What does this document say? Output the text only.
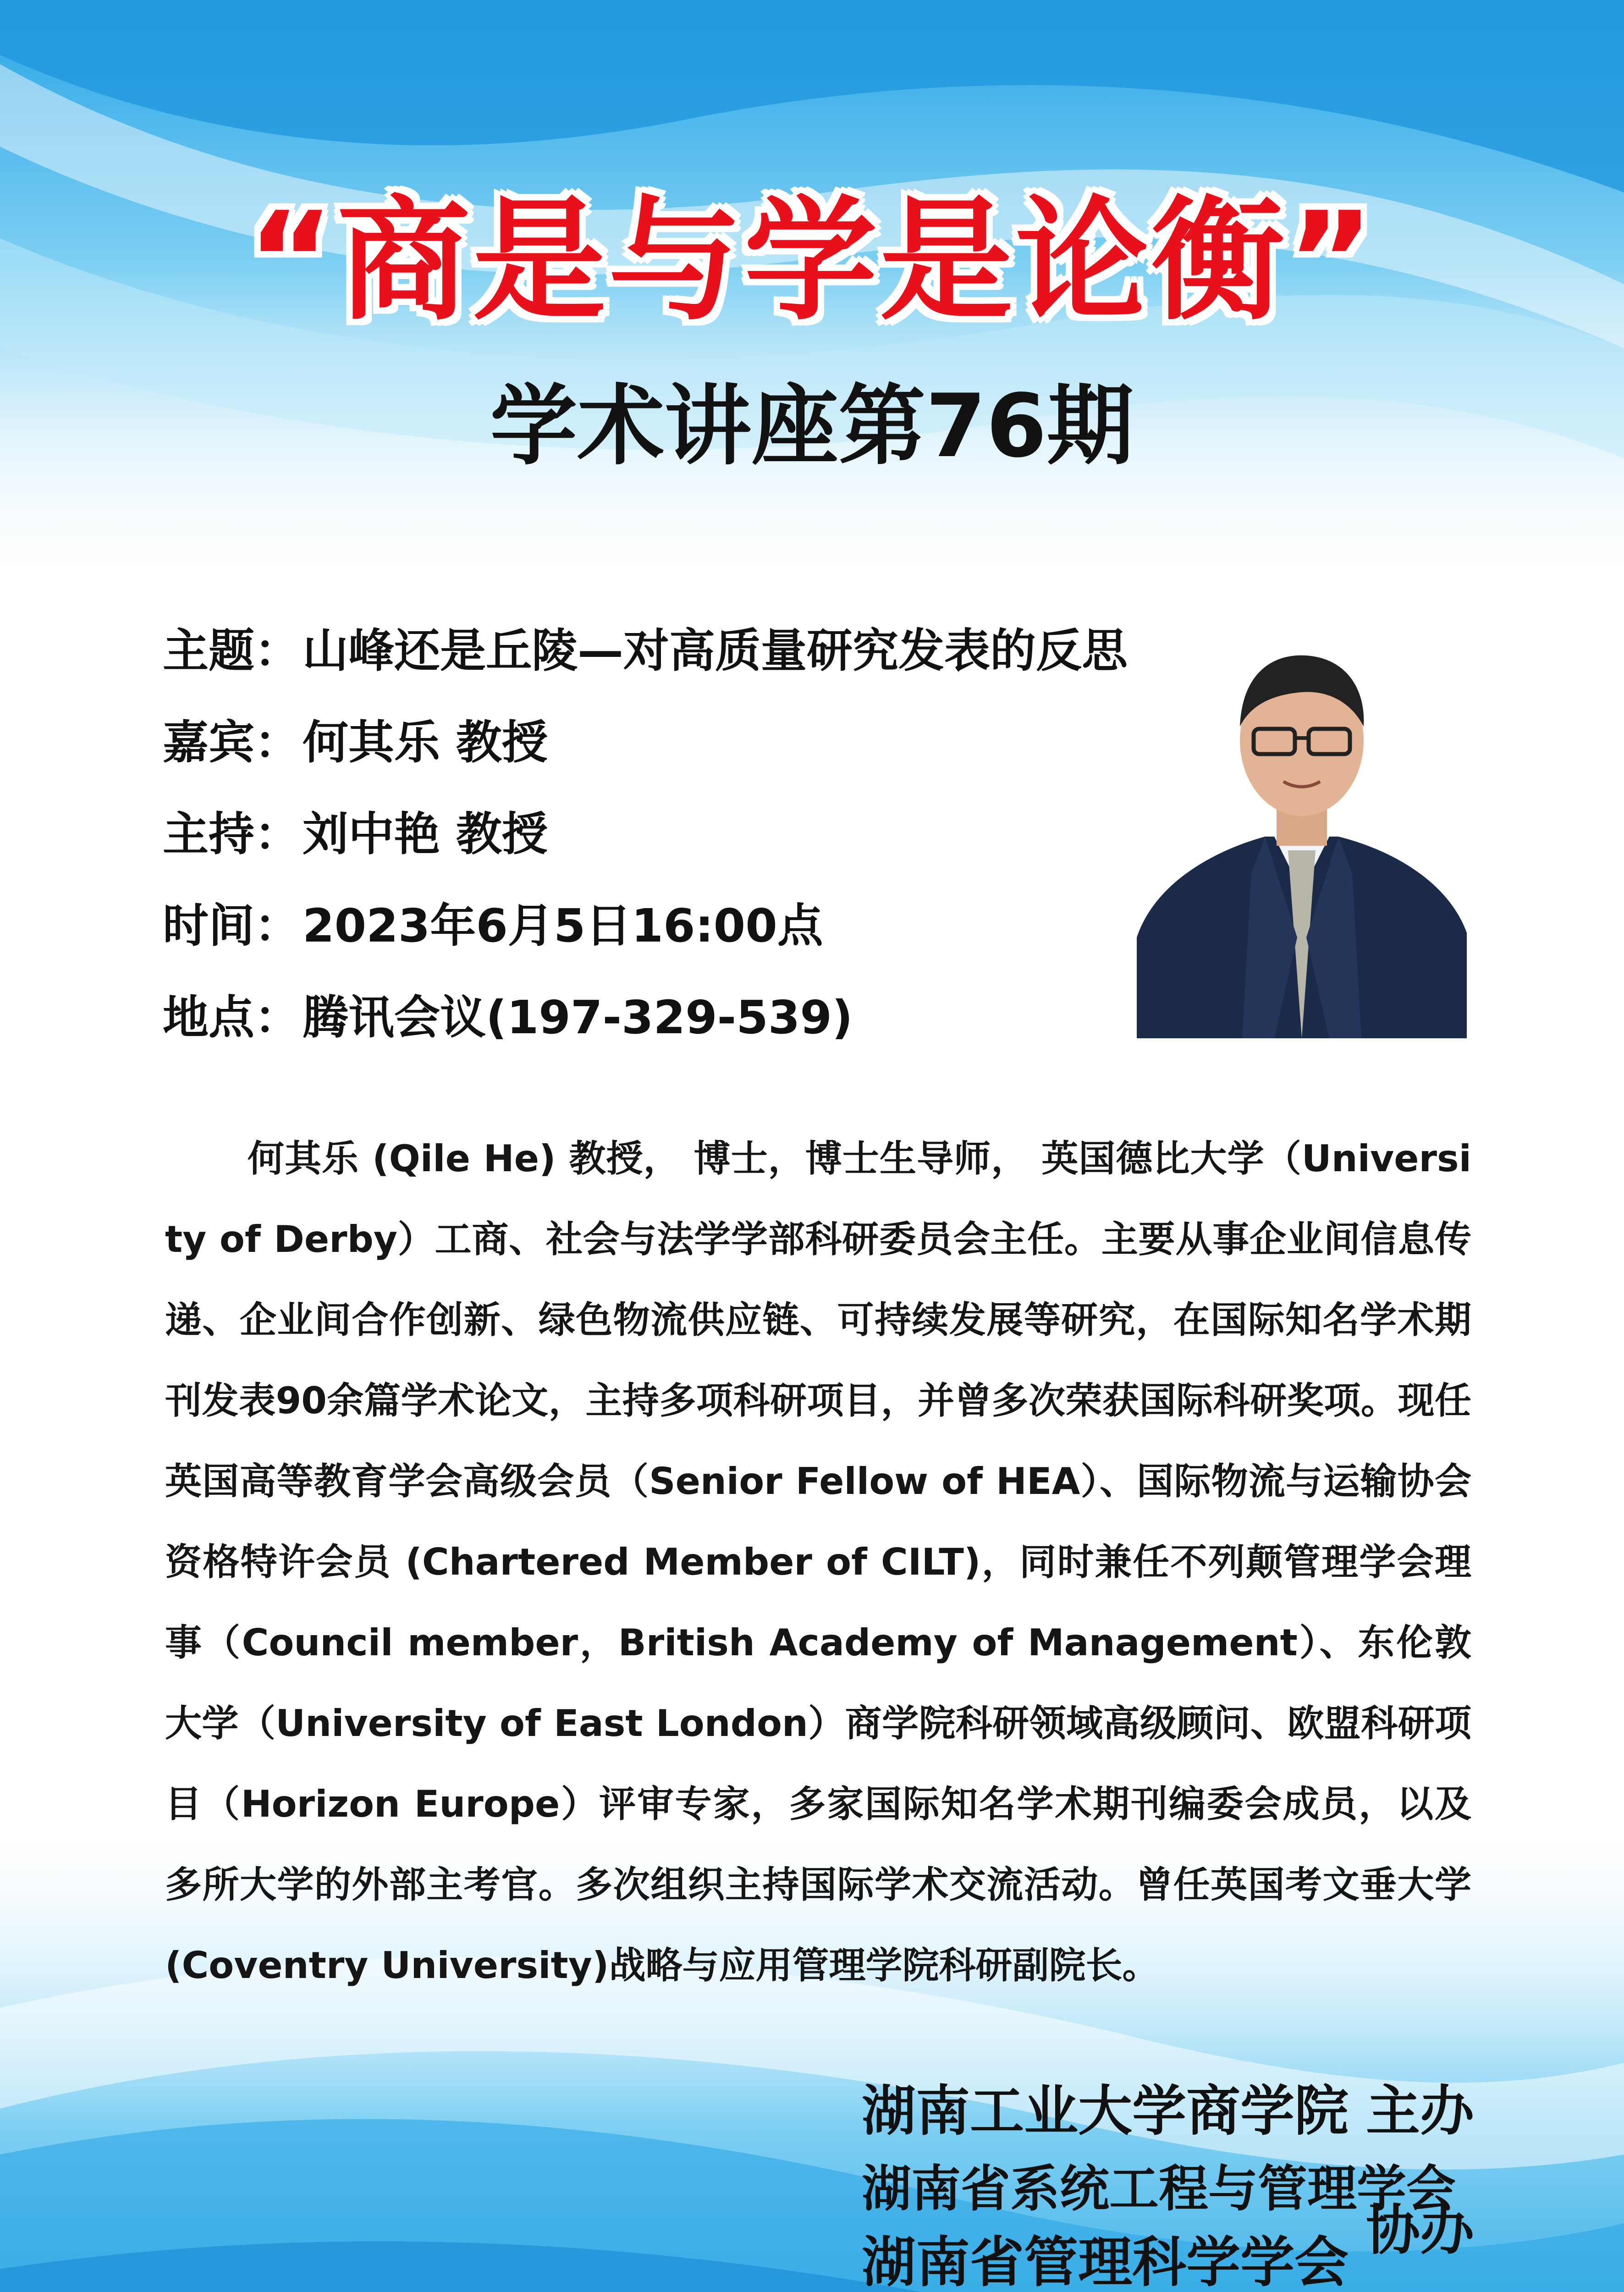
“商是与学是论衡”
学术讲座第76期
主题：山峰还是丘陵—对高质量研究发表的反思
嘉宾：何其乐 教授
主持：刘中艳 教授
时间：2023年6月5日16:00点
地点：腾讯会议(197-329-539)

何其乐 (Qile He) 教授， 博士，博士生导师， 英国德比大学（University of Derby）工商、社会与法学学部科研委员会主任。主要从事企业间信息传递、企业间合作创新、绿色物流供应链、可持续发展等研究，在国际知名学术期刊发表90余篇学术论文，主持多项科研项目，并曾多次荣获国际科研奖项。现任英国高等教育学会高级会员（Senior Fellow of HEA）、国际物流与运输协会资格特许会员 (Chartered Member of CILT)，同时兼任不列颠管理学会理事（Council member，British Academy of Management）、东伦敦大学（University of East London）商学院科研领域高级顾问、欧盟科研项目（Horizon Europe）评审专家，多家国际知名学术期刊编委会成员，以及多所大学的外部主考官。多次组织主持国际学术交流活动。曾任英国考文垂大学 (Coventry University)战略与应用管理学院科研副院长。

湖南工业大学商学院 主办
湖南省系统工程与管理学会
湖南省管理科学学会
协办
